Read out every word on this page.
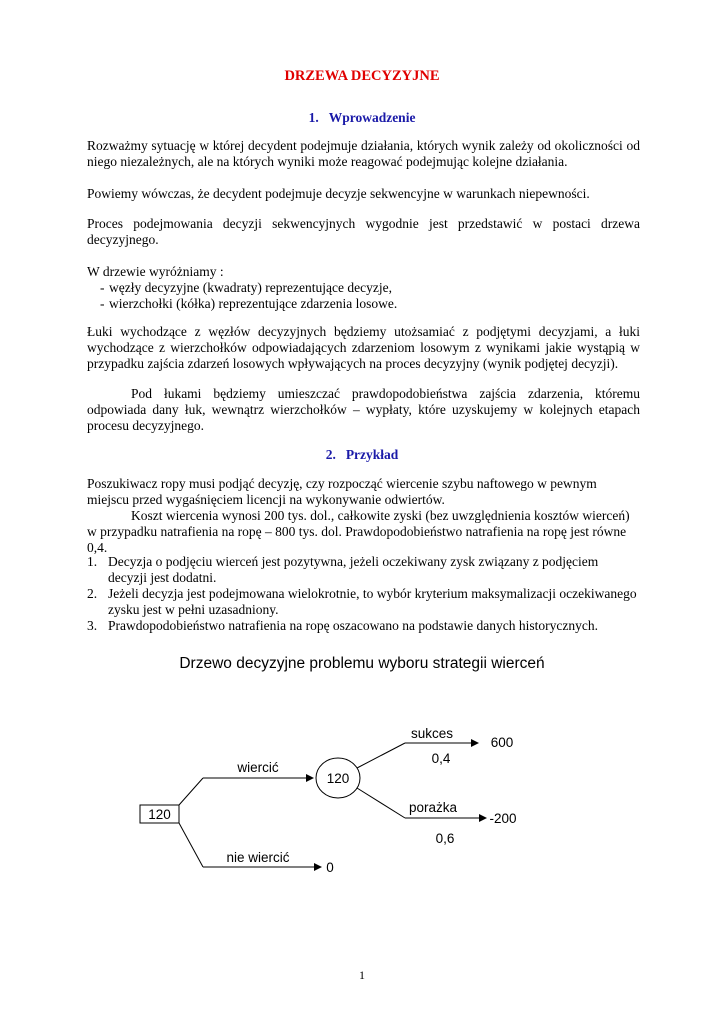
DRZEWA DECYZYJNE
1. Wprowadzenie
Rozważmy sytuację w której decydent podejmuje działania, których wynik zależy od okoliczności od niego niezależnych, ale na których wyniki może reagować podejmując kolejne działania.
Powiemy wówczas, że decydent podejmuje decyzje sekwencyjne w warunkach niepewności.
Proces podejmowania decyzji sekwencyjnych wygodnie jest przedstawić w postaci drzewa decyzyjnego.
W drzewie wyróżniamy :
- węzły decyzyjne (kwadraty) reprezentujące decyzje,
- wierzchołki (kółka) reprezentujące zdarzenia losowe.
Łuki wychodzące z węzłów decyzyjnych będziemy utożsamiać z podjętymi decyzjami, a łuki wychodzące z wierzchołków odpowiadających zdarzeniom losowym z wynikami jakie wystąpią w przypadku zajścia zdarzeń losowych wpływających na proces decyzyjny (wynik podjętej decyzji).
Pod łukami będziemy umieszczać prawdopodobieństwa zajścia zdarzenia, któremu odpowiada dany łuk, wewnątrz wierzchołków – wypłaty, które uzyskujemy w kolejnych etapach procesu decyzyjnego.
2. Przykład
Poszukiwacz ropy musi podjąć decyzję, czy rozpocząć wiercenie szybu naftowego w pewnym miejscu przed wygaśnięciem licencji na wykonywanie odwiertów.
Koszt wiercenia wynosi 200 tys. dol., całkowite zyski (bez uwzględnienia kosztów wierceń) w przypadku natrafienia na ropę – 800 tys. dol. Prawdopodobieństwo natrafienia na ropę jest równe 0,4.
1. Decyzja o podjęciu wierceń jest pozytywna, jeżeli oczekiwany zysk związany z podjęciem decyzji jest dodatni.
2. Jeżeli decyzja jest podejmowana wielokrotnie, to wybór kryterium maksymalizacji oczekiwanego zysku jest w pełni uzasadniony.
3. Prawdopodobieństwo natrafienia na ropę oszacowano na podstawie danych historycznych.
Drzewo decyzyjne problemu wyboru strategii wierceń
120
wiercić
nie wiercić
0
120
sukces
0,4
600
porażka
0,6
-200
1
